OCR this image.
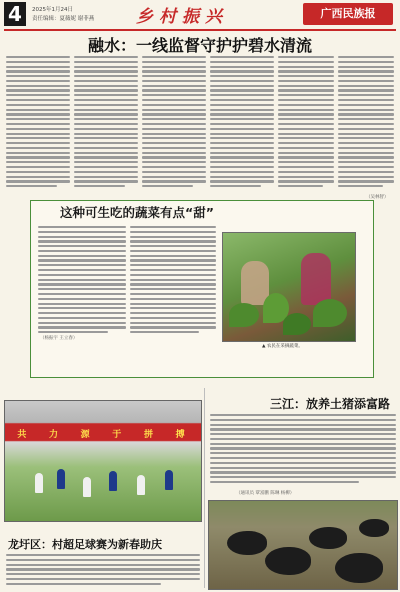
4	2025年1月24日
责任编辑：夏薇妮 谢菲燕 乡村振兴	广西民族报
融水：一线监督守护护碧水清流
（吴林智）
这种可生吃的蔬菜有点“甜”
（杨振宇 王立春）
▲ 农民在采摘蔬菜。
共	力	源	于	拼	搏
龙圩区：村超足球赛为新春助庆
三江：放养土猪添富路
（通讯员 覃富鹏 陈琳 杨柳）
